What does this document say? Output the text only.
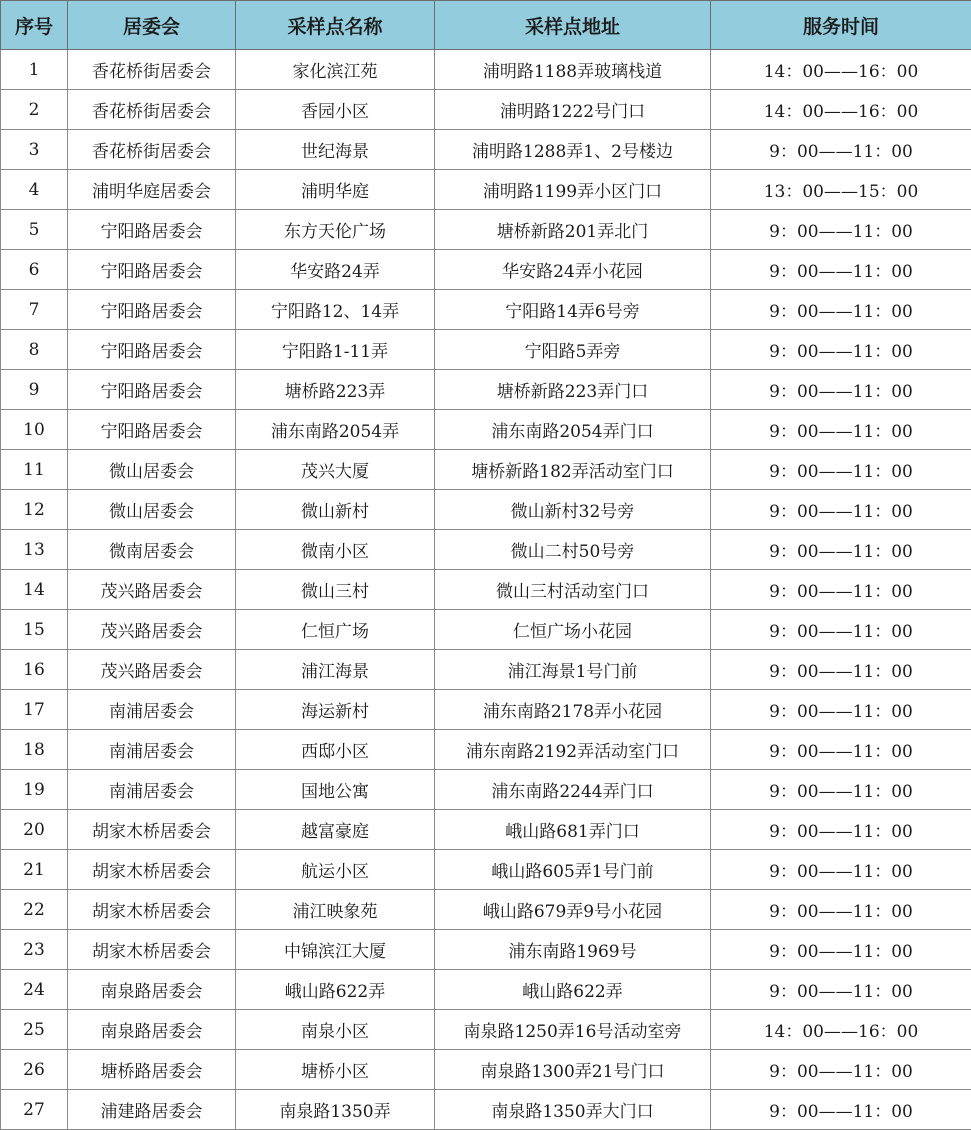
序号	居委会	采样点名称	采样点地址	服务时间
1	香花桥街居委会	家化滨江苑	浦明路1188弄玻璃栈道	14：00——16：00
2	香花桥街居委会	香园小区	浦明路1222号门口	14：00——16：00
3	香花桥街居委会	世纪海景	浦明路1288弄1、2号楼边	9：00——11：00
4	浦明华庭居委会	浦明华庭	浦明路1199弄小区门口	13：00——15：00
5	宁阳路居委会	东方天伦广场	塘桥新路201弄北门	9：00——11：00
6	宁阳路居委会	华安路24弄	华安路24弄小花园	9：00——11：00
7	宁阳路居委会	宁阳路12、14弄	宁阳路14弄6号旁	9：00——11：00
8	宁阳路居委会	宁阳路1-11弄	宁阳路5弄旁	9：00——11：00
9	宁阳路居委会	塘桥路223弄	塘桥新路223弄门口	9：00——11：00
10	宁阳路居委会	浦东南路2054弄	浦东南路2054弄门口	9：00——11：00
11	微山居委会	茂兴大厦	塘桥新路182弄活动室门口	9：00——11：00
12	微山居委会	微山新村	微山新村32号旁	9：00——11：00
13	微南居委会	微南小区	微山二村50号旁	9：00——11：00
14	茂兴路居委会	微山三村	微山三村活动室门口	9：00——11：00
15	茂兴路居委会	仁恒广场	仁恒广场小花园	9：00——11：00
16	茂兴路居委会	浦江海景	浦江海景1号门前	9：00——11：00
17	南浦居委会	海运新村	浦东南路2178弄小花园	9：00——11：00
18	南浦居委会	西邸小区	浦东南路2192弄活动室门口	9：00——11：00
19	南浦居委会	国地公寓	浦东南路2244弄门口	9：00——11：00
20	胡家木桥居委会	越富豪庭	峨山路681弄门口	9：00——11：00
21	胡家木桥居委会	航运小区	峨山路605弄1号门前	9：00——11：00
22	胡家木桥居委会	浦江映象苑	峨山路679弄9号小花园	9：00——11：00
23	胡家木桥居委会	中锦滨江大厦	浦东南路1969号	9：00——11：00
24	南泉路居委会	峨山路622弄	峨山路622弄	9：00——11：00
25	南泉路居委会	南泉小区	南泉路1250弄16号活动室旁	14：00——16：00
26	塘桥路居委会	塘桥小区	南泉路1300弄21号门口	9：00——11：00
27	浦建路居委会	南泉路1350弄	南泉路1350弄大门口	9：00——11：00
